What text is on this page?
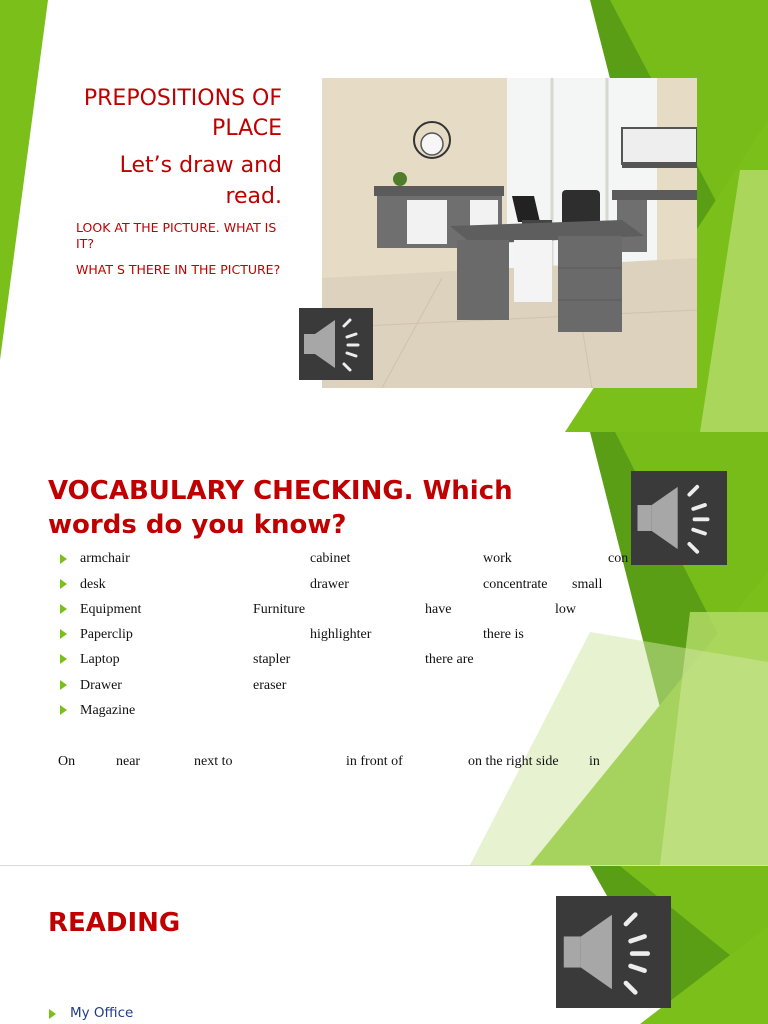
PREPOSITIONS OF PLACE
Let’s draw and read.
LOOK AT THE PICTURE. WHAT IS IT?
WHAT S THERE IN THE PICTURE?
VOCABULARY CHECKING. Which words do you know?
armchair	cabinet	work	con
desk	drawer	concentrate small
Equipment	Furniture	have	low
Paperclip	highlighter	there is
Laptop	stapler	there are
Drawer	eraser
Magazine
On	near	next to	in front of	on the right side in
READING
My Office
